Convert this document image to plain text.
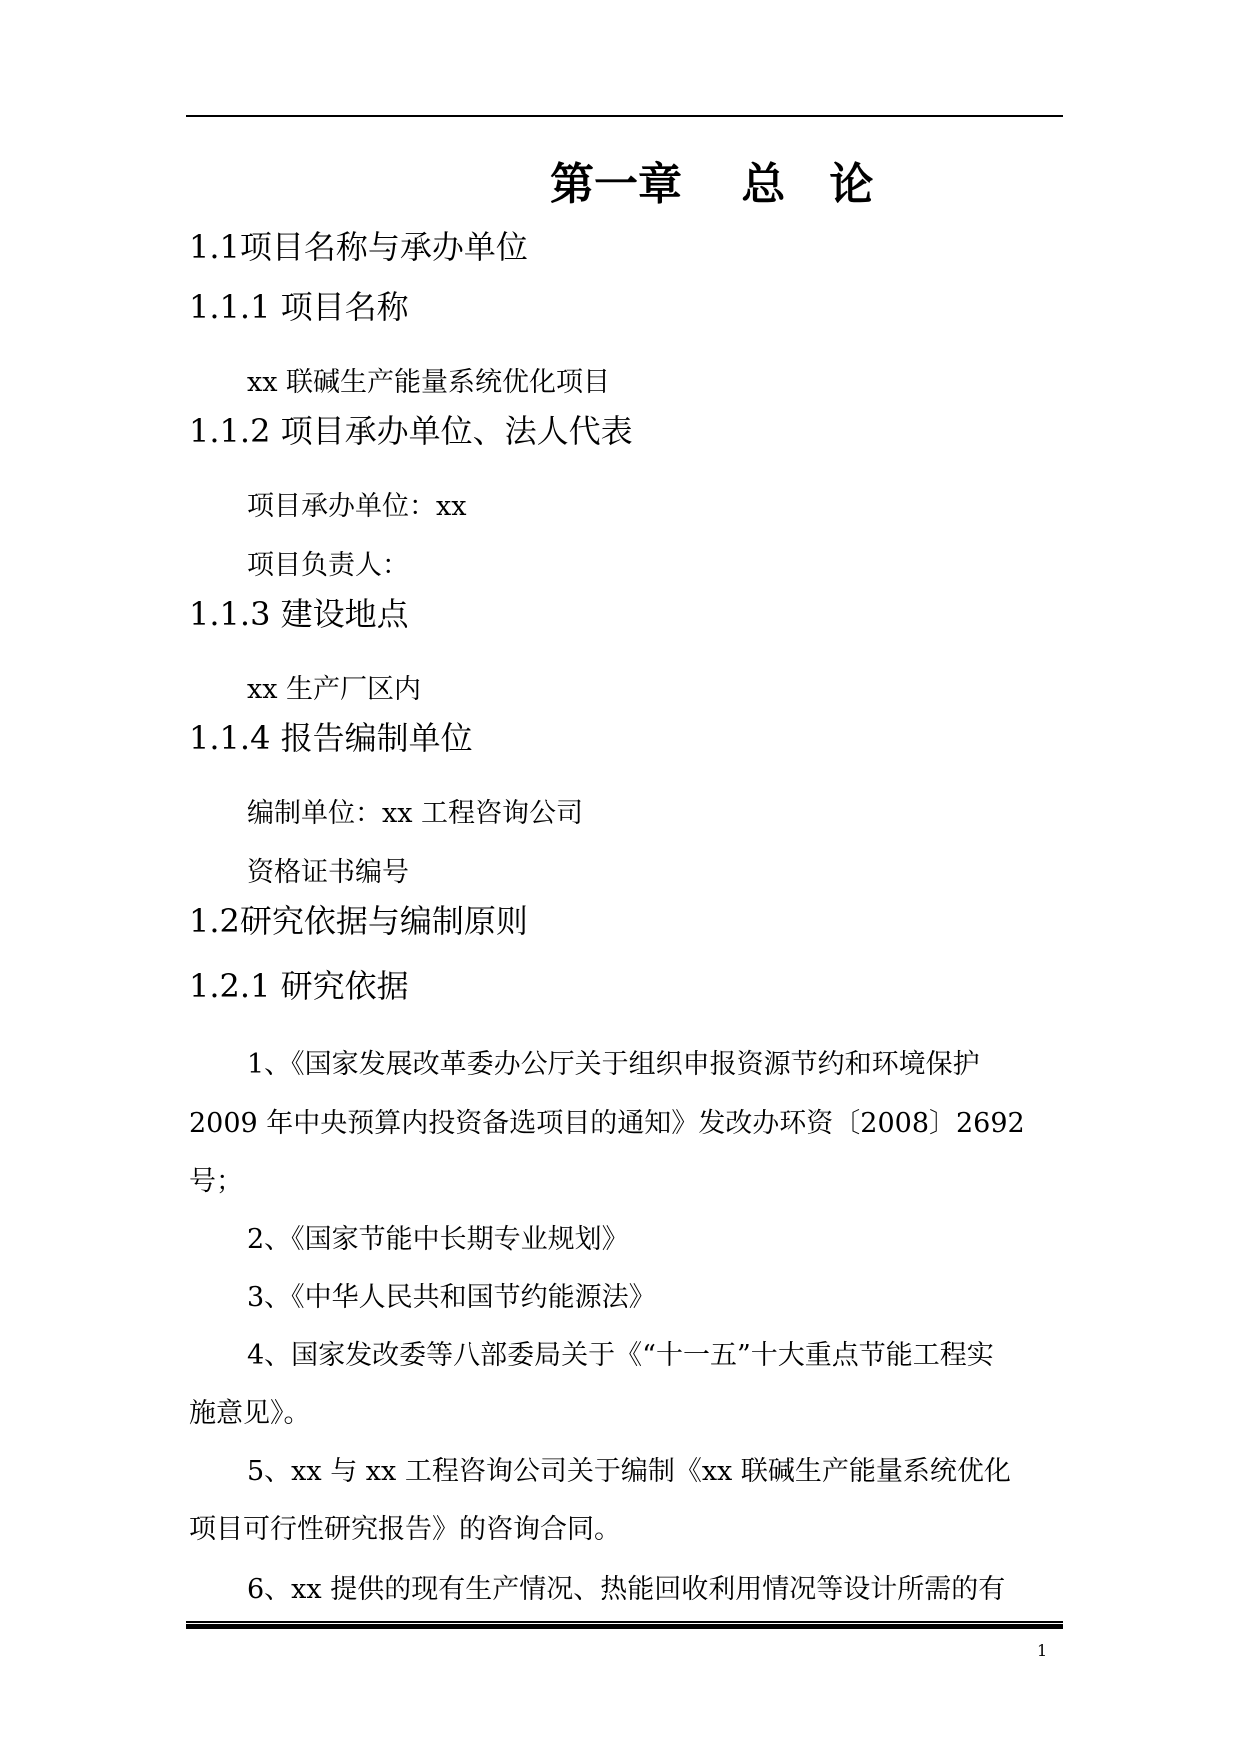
第一章　 总　论
1.1项目名称与承办单位
1.1.1 项目名称
xx 联碱生产能量系统优化项目
1.1.2 项目承办单位、法人代表
项目承办单位：xx
项目负责人：
1.1.3 建设地点
xx 生产厂区内
1.1.4 报告编制单位
编制单位：xx 工程咨询公司
资格证书编号
1.2研究依据与编制原则
1.2.1 研究依据
1、《国家发展改革委办公厅关于组织申报资源节约和环境保护
2009 年中央预算内投资备选项目的通知》发改办环资〔2008〕2692
号；
2、《国家节能中长期专业规划》
3、《中华人民共和国节约能源法》
4、国家发改委等八部委局关于《“十一五”十大重点节能工程实
施意见》。
5、xx 与 xx 工程咨询公司关于编制《xx 联碱生产能量系统优化
项目可行性研究报告》的咨询合同。
6、xx 提供的现有生产情况、热能回收利用情况等设计所需的有
1
